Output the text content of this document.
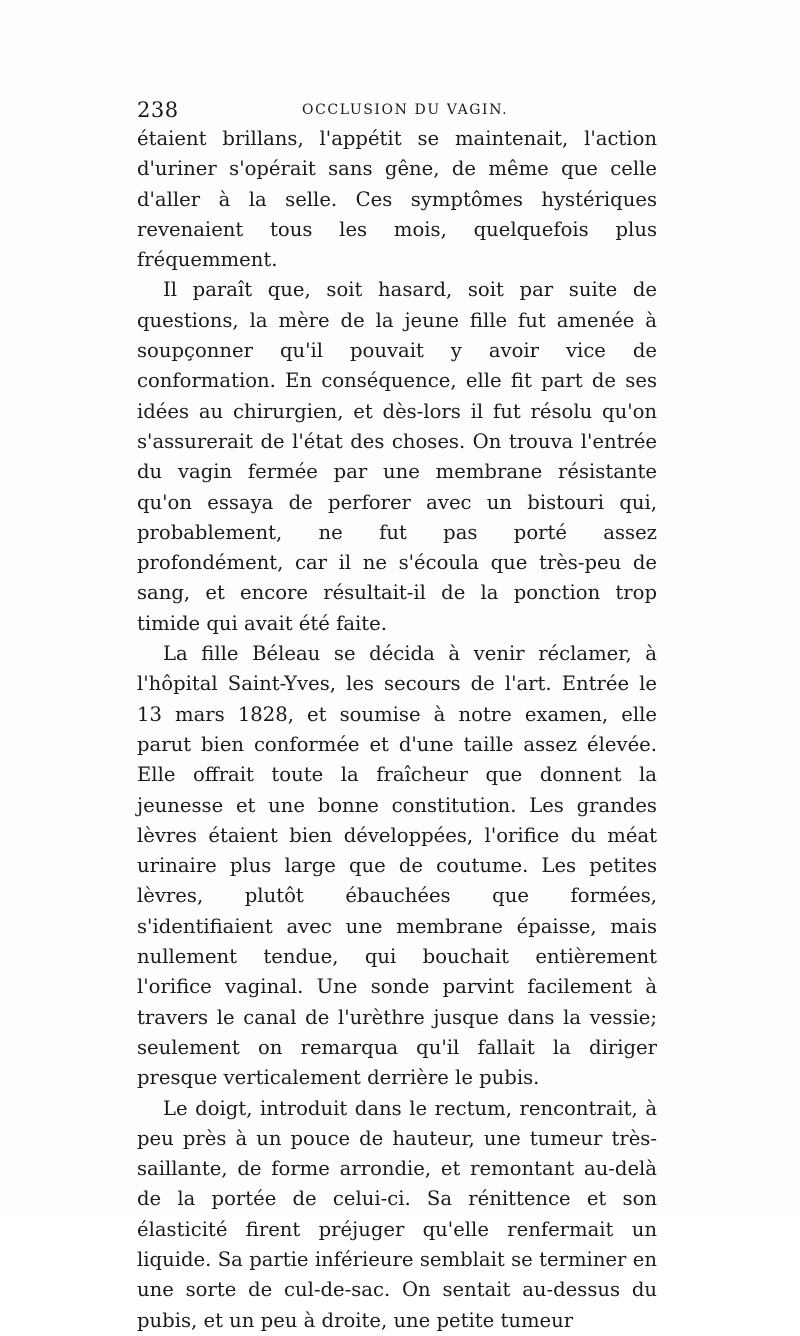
238	OCCLUSION DU VAGIN.

étaient brillans, l'appétit se maintenait, l'action d'uriner s'opérait sans gêne, de même que celle d'aller à la selle. Ces symptômes hystériques revenaient tous les mois, quelquefois plus fréquemment.

Il paraît que, soit hasard, soit par suite de questions, la mère de la jeune fille fut amenée à soupçonner qu'il pouvait y avoir vice de conformation. En conséquence, elle fit part de ses idées au chirurgien, et dès-lors il fut résolu qu'on s'assurerait de l'état des choses. On trouva l'entrée du vagin fermée par une membrane résistante qu'on essaya de perforer avec un bistouri qui, probablement, ne fut pas porté assez profondément, car il ne s'écoula que très-peu de sang, et encore résultait-il de la ponction trop timide qui avait été faite.

La fille Béleau se décida à venir réclamer, à l'hôpital Saint-Yves, les secours de l'art. Entrée le 13 mars 1828, et soumise à notre examen, elle parut bien conformée et d'une taille assez élevée. Elle offrait toute la fraîcheur que donnent la jeunesse et une bonne constitution. Les grandes lèvres étaient bien développées, l'orifice du méat urinaire plus large que de coutume. Les petites lèvres, plutôt ébauchées que formées, s'identifiaient avec une membrane épaisse, mais nullement tendue, qui bouchait entièrement l'orifice vaginal. Une sonde parvint facilement à travers le canal de l'urèthre jusque dans la vessie; seulement on remarqua qu'il fallait la diriger presque verticalement derrière le pubis.

Le doigt, introduit dans le rectum, rencontrait, à peu près à un pouce de hauteur, une tumeur très-saillante, de forme arrondie, et remontant au-delà de la portée de celui-ci. Sa rénittence et son élasticité firent préjuger qu'elle renfermait un liquide. Sa partie inférieure semblait se terminer en une sorte de cul-de-sac. On sentait au-dessus du pubis, et un peu à droite, une petite tumeur
